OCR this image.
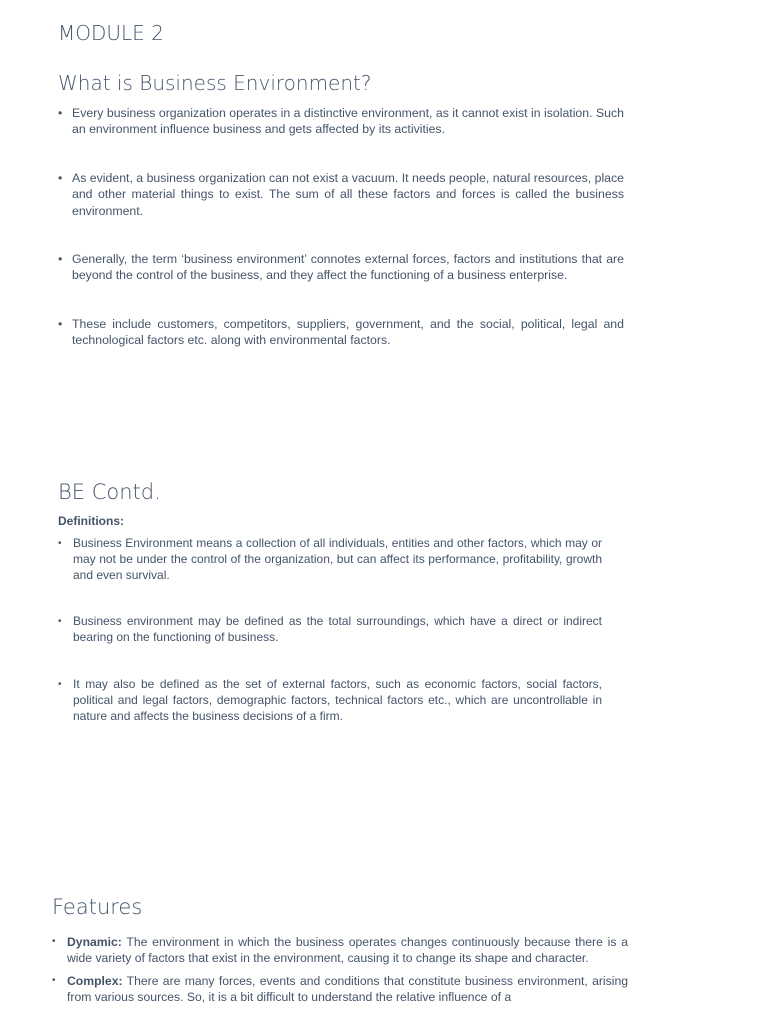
MODULE 2
What is Business Environment?
• Every business organization operates in a distinctive environment, as it cannot exist in isolation. Such an environment influence business and gets affected by its activities.
• As evident, a business organization can not exist a vacuum. It needs people, natural resources, place and other material things to exist. The sum of all these factors and forces is called the business environment.
• Generally, the term ‘business environment’ connotes external forces, factors and institutions that are beyond the control of the business, and they affect the functioning of a business enterprise.
• These include customers, competitors, suppliers, government, and the social, political, legal and technological factors etc. along with environmental factors.
BE Contd.
Definitions:
• Business Environment means a collection of all individuals, entities and other factors, which may or may not be under the control of the organization, but can affect its performance, profitability, growth and even survival.
• Business environment may be defined as the total surroundings, which have a direct or indirect bearing on the functioning of business.
• It may also be defined as the set of external factors, such as economic factors, social factors, political and legal factors, demographic factors, technical factors etc., which are uncontrollable in nature and affects the business decisions of a firm.
Features
• Dynamic: The environment in which the business operates changes continuously because there is a wide variety of factors that exist in the environment, causing it to change its shape and character.
• Complex: There are many forces, events and conditions that constitute business environment, arising from various sources. So, it is a bit difficult to understand the relative influence of a
